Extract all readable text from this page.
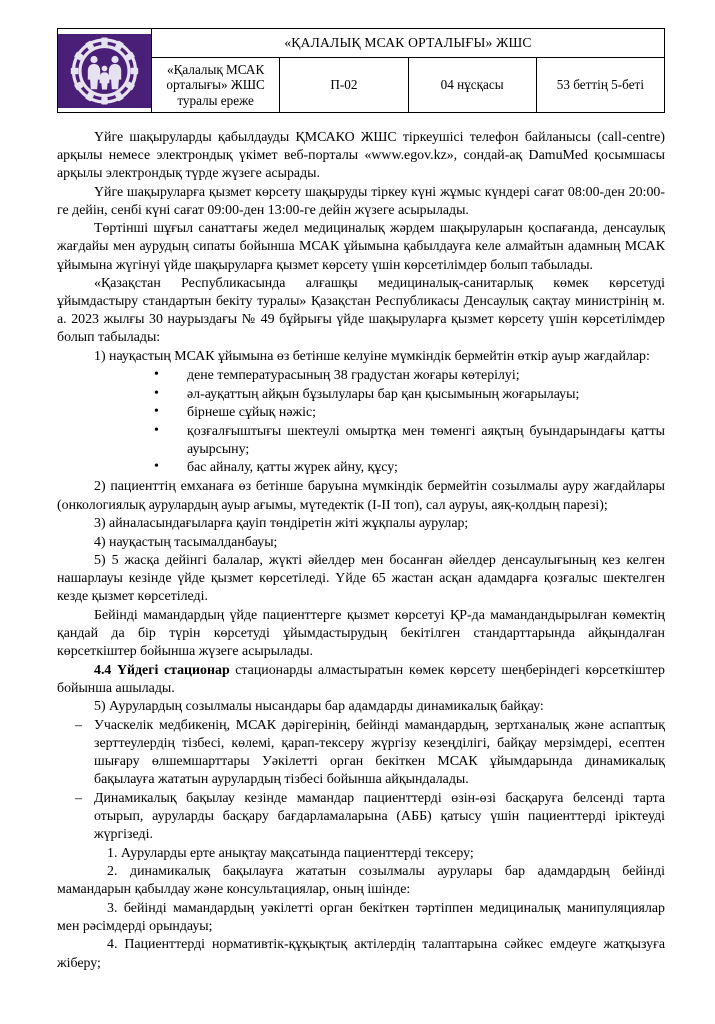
	«ҚАЛАЛЫҚ МСАК ОРТАЛЫҒЫ» ЖШС			
	«Қалалық МСАК орталығы» ЖШС туралы ереже	П-02	04 нұсқасы	53 беттің 5-беті

Үйге шақыруларды қабылдауды ҚМСАКО ЖШС тіркеушісі телефон байланысы (call-centre) арқылы немесе электрондық үкімет веб-порталы «www.egov.kz», сондай-ақ DamuMed қосымшасы арқылы электрондық түрде жүзеге асырады.

Үйге шақыруларға қызмет көрсету шақыруды тіркеу күні жұмыс күндері сағат 08:00-ден 20:00-ге дейін, сенбі күні сағат 09:00-ден 13:00-ге дейін жүзеге асырылады.

Төртінші шұғыл санаттағы жедел медициналық жәрдем шақыруларын қоспағанда, денсаулық жағдайы мен аурудың сипаты бойынша МСАК ұйымына қабылдауға келе алмайтын адамның МСАК ұйымына жүгінуі үйде шақыруларға қызмет көрсету үшін көрсетілімдер болып табылады.

«Қазақстан Республикасында алғашқы медициналық-санитарлық көмек көрсетуді ұйымдастыру стандартын бекіту туралы» Қазақстан Республикасы Денсаулық сақтау министрінің м. а. 2023 жылғы 30 наурыздағы № 49 бұйрығы үйде шақыруларға қызмет көрсету үшін көрсетілімдер болып табылады:

1) науқастың МСАК ұйымына өз бетінше келуіне мүмкіндік бермейтін өткір ауыр жағдайлар:

• дене температурасының 38 градустан жоғары көтерілуі;
• әл-ауқаттың айқын бұзылулары бар қан қысымының жоғарылауы;
• бірнеше сұйық нәжіс;
• қозғалғыштығы шектеулі омыртқа мен төменгі аяқтың буындарындағы қатты ауырсыну;
• бас айналу, қатты жүрек айну, құсу;

2) пациенттің емханаға өз бетінше баруына мүмкіндік бермейтін созылмалы ауру жағдайлары (онкологиялық аурулардың ауыр ағымы, мүтедектік (I-II топ), сал ауруы, аяқ-қолдың парезі);

3) айналасындағыларға қауіп төндіретін жіті жұқпалы аурулар;

4) науқастың тасымалданбауы;

5) 5 жасқа дейінгі балалар, жүкті әйелдер мен босанған әйелдер денсаулығының кез келген нашарлауы кезінде үйде қызмет көрсетіледі. Үйде 65 жастан асқан адамдарға қозғалыс шектелген кезде қызмет көрсетіледі.

Бейінді мамандардың үйде пациенттерге қызмет көрсетуі ҚР-да мамандандырылған көмектің қандай да бір түрін көрсетуді ұйымдастырудың бекітілген стандарттарында айқындалған көрсеткіштер бойынша жүзеге асырылады.

4.4 Үйдегі стационар стационарды алмастыратын көмек көрсету шеңберіндегі көрсеткіштер бойынша ашылады.

5) Аурулардың созылмалы нысандары бар адамдарды динамикалық байқау:

– Учаскелік медбикенің, МСАК дәрігерінің, бейінді мамандардың, зертханалық және аспаптық зерттеулердің тізбесі, көлемі, қарап-тексеру жүргізу кезеңділігі, байқау мерзімдері, есептен шығару өлшемшарттары Уәкілетті орган бекіткен МСАК ұйымдарында динамикалық бақылауға жататын аурулардың тізбесі бойынша айқындалады.
– Динамикалық бақылау кезінде мамандар пациенттерді өзін-өзі басқаруға белсенді тарта отырып, ауруларды басқару бағдарламаларына (АББ) қатысу үшін пациенттерді іріктеуді жүргізеді.

1. Ауруларды ерте анықтау мақсатында пациенттерді тексеру;

2. динамикалық бақылауға жататын созылмалы аурулары бар адамдардың бейінді мамандарын қабылдау және консультациялар, оның ішінде:

3. бейінді мамандардың уәкілетті орган бекіткен тәртіппен медициналық манипуляциялар мен рәсімдерді орындауы;

4. Пациенттерді нормативтік-құқықтық актілердің талаптарына сәйкес емдеуге жатқызуға жіберу;
